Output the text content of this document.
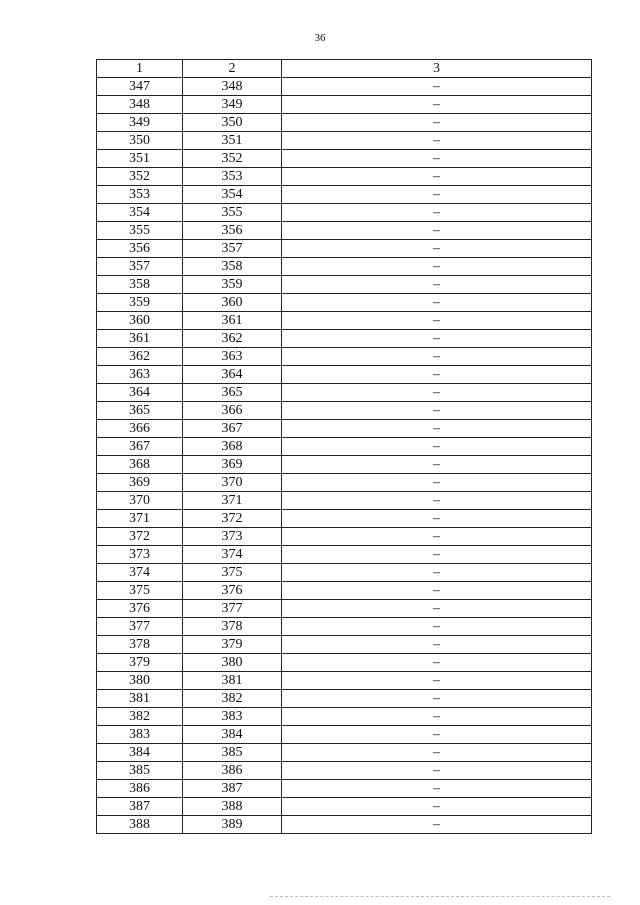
36
1	2	3
347	348	–
348	349	–
349	350	–
350	351	–
351	352	–
352	353	–
353	354	–
354	355	–
355	356	–
356	357	–
357	358	–
358	359	–
359	360	–
360	361	–
361	362	–
362	363	–
363	364	–
364	365	–
365	366	–
366	367	–
367	368	–
368	369	–
369	370	–
370	371	–
371	372	–
372	373	–
373	374	–
374	375	–
375	376	–
376	377	–
377	378	–
378	379	–
379	380	–
380	381	–
381	382	–
382	383	–
383	384	–
384	385	–
385	386	–
386	387	–
387	388	–
388	389	–
